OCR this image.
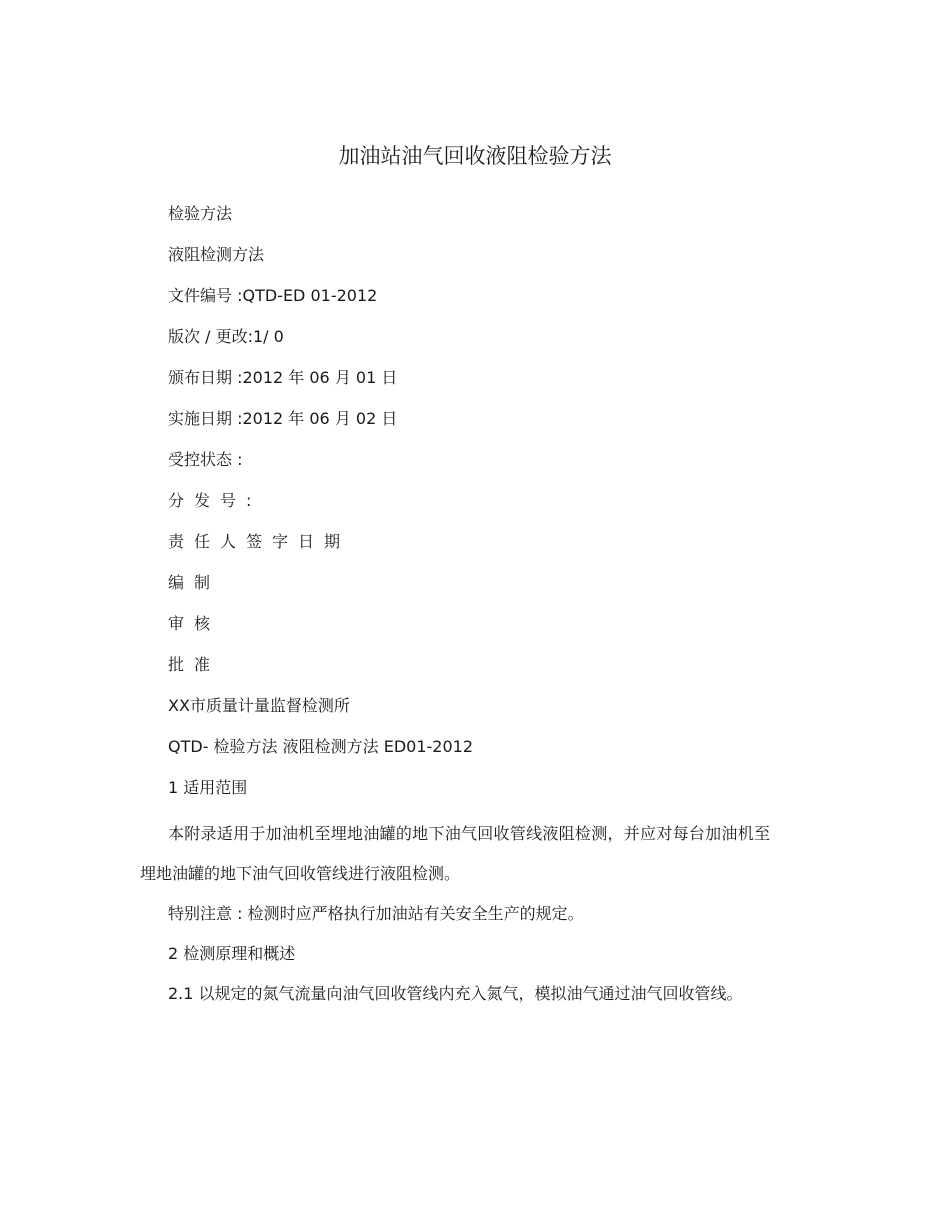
加油站油气回收液阻检验方法
检验方法
液阻检测方法
文件编号 :QTD-ED 01-2012
版次 / 更改:1/ 0
颁布日期 :2012 年 06 月 01 日
实施日期 :2012 年 06 月 02 日
受控状态 :
分发号:
责任人签字日期
编制
审核
批准
XX市质量计量监督检测所
QTD- 检验方法 液阻检测方法 ED01-2012
1 适用范围

本附录适用于加油机至埋地油罐的地下油气回收管线液阻检测，并应对每台加油机至埋地油罐的地下油气回收管线进行液阻检测。

特别注意 : 检测时应严格执行加油站有关安全生产的规定。

2 检测原理和概述

2.1 以规定的氮气流量向油气回收管线内充入氮气，模拟油气通过油气回收管线。
